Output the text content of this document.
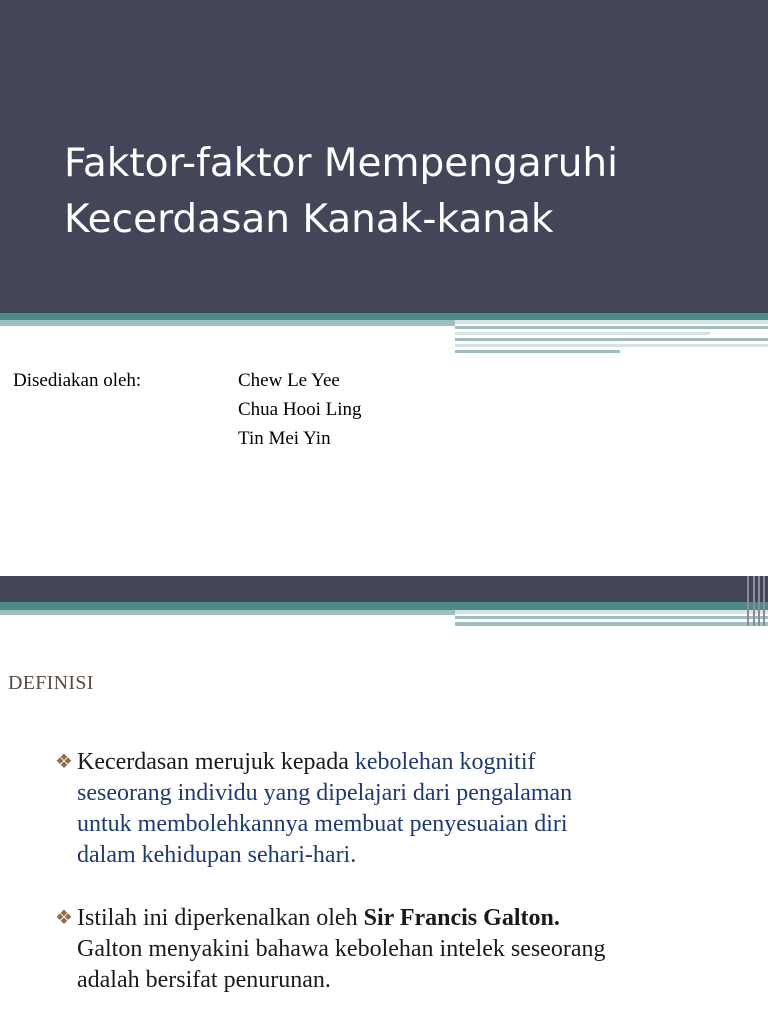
Faktor-faktor Mempengaruhi
Kecerdasan Kanak-kanak
Disediakan oleh:	Chew Le Yee
Chua Hooi Ling
Tin Mei Yin
DEFINISI

❖ Kecerdasan merujuk kepada kebolehan kognitif
seseorang individu yang dipelajari dari pengalaman
untuk membolehkannya membuat penyesuaian diri
dalam kehidupan sehari-hari.

❖ Istilah ini diperkenalkan oleh Sir Francis Galton.
Galton menyakini bahawa kebolehan intelek seseorang
adalah bersifat penurunan.
